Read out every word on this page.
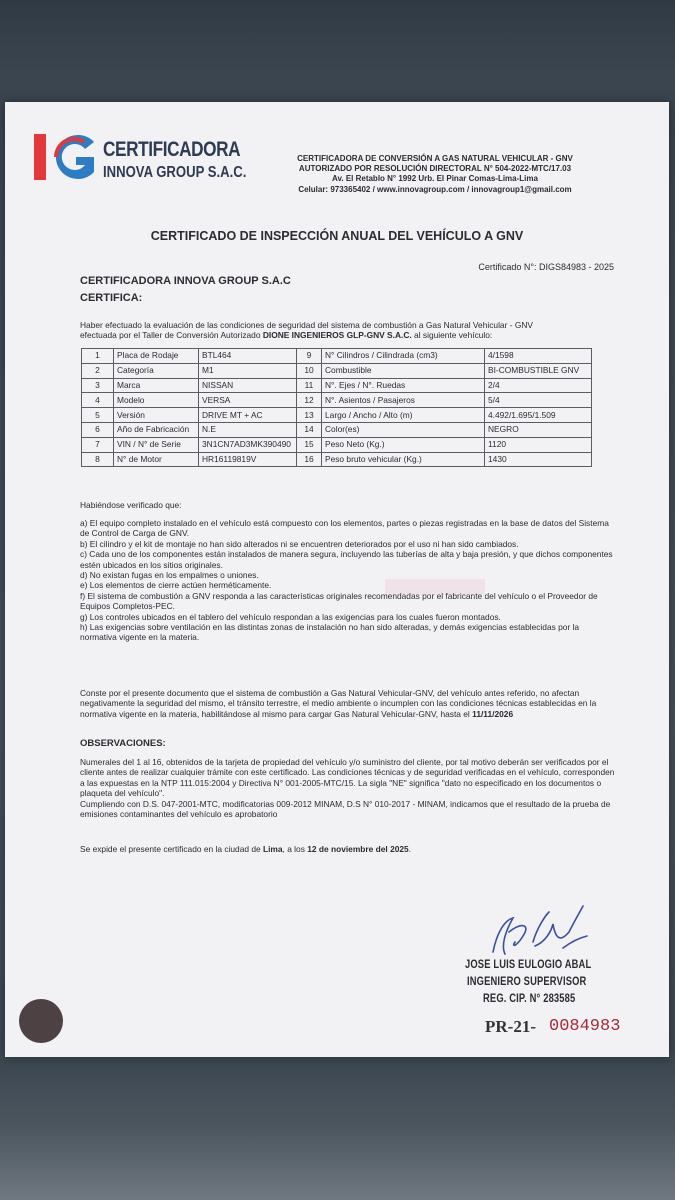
CERTIFICADORA
INNOVA GROUP S.A.C.
CERTIFICADORA DE CONVERSIÓN A GAS NATURAL VEHICULAR - GNV
AUTORIZADO POR RESOLUCIÓN DIRECTORAL N° 504-2022-MTC/17.03
Av. El Retablo N° 1992 Urb. El Pinar Comas-Lima-Lima
Celular: 973365402 / www.innovagroup.com / innovagroup1@gmail.com
CERTIFICADO DE INSPECCIÓN ANUAL DEL VEHÍCULO A GNV
Certificado N°: DIGS84983 - 2025
CERTIFICADORA INNOVA GROUP S.A.C
CERTIFICA:
Haber efectuado la evaluación de las condiciones de seguridad del sistema de combustión a Gas Natural Vehicular - GNV
efectuada por el Taller de Conversión Autorizado DIONE INGENIEROS GLP-GNV S.A.C. al siguiente vehículo:
1	Placa de Rodaje	BTL464	9	N° Cilindros / Cilindrada (cm3)	4/1598
2	Categoría	M1	10	Combustible	BI-COMBUSTIBLE GNV
3	Marca	NISSAN	11	N°. Ejes / N°. Ruedas	2/4
4	Modelo	VERSA	12	N°. Asientos / Pasajeros	5/4
5	Versión	DRIVE MT + AC	13	Largo / Ancho / Alto (m)	4.492/1.695/1.509
6	Año de Fabricación	N.E	14	Color(es)	NEGRO
7	VIN / N° de Serie	3N1CN7AD3MK390490	15	Peso Neto (Kg.)	1120
8	N° de Motor	HR16119819V	16	Peso bruto vehicular (Kg.)	1430
Habiéndose verificado que:
a) El equipo completo instalado en el vehículo está compuesto con los elementos, partes o piezas registradas en la base de datos del Sistema de Control de Carga de GNV.
b) El cilindro y el kit de montaje no han sido alterados ni se encuentren deteriorados por el uso ni han sido cambiados.
c) Cada uno de los componentes están instalados de manera segura, incluyendo las tuberías de alta y baja presión, y que dichos componentes estén ubicados en los sitios originales.
d) No existan fugas en los empalmes o uniones.
e) Los elementos de cierre actúen herméticamente.
f) El sistema de combustión a GNV responda a las características originales recomendadas por el fabricante del vehículo o el Proveedor de Equipos Completos-PEC.
g) Los controles ubicados en el tablero del vehículo respondan a las exigencias para los cuales fueron montados.
h) Las exigencias sobre ventilación en las distintas zonas de instalación no han sido alteradas, y demás exigencias establecidas por la normativa vigente en la materia.
Conste por el presente documento que el sistema de combustión a Gas Natural Vehicular-GNV, del vehículo antes referido, no afectan negativamente la seguridad del mismo, el tránsito terrestre, el medio ambiente o incumplen con las condiciones técnicas establecidas en la normativa vigente en la materia, habilitándose al mismo para cargar Gas Natural Vehicular-GNV, hasta el 11/11/2026
OBSERVACIONES:
Numerales del 1 al 16, obtenidos de la tarjeta de propiedad del vehículo y/o suministro del cliente, por tal motivo deberán ser verificados por el cliente antes de realizar cualquier trámite con este certificado. Las condiciones técnicas y de seguridad verificadas en el vehículo, corresponden a las expuestas en la NTP 111.015:2004 y Directiva N° 001-2005-MTC/15. La sigla "NE" significa "dato no especificado en los documentos o plaqueta del vehículo".
Cumpliendo con D.S. 047-2001-MTC, modificatorias 009-2012 MINAM, D.S N° 010-2017 - MINAM, indicamos que el resultado de la prueba de emisiones contaminantes del vehículo es aprobatorio
Se expide el presente certificado en la ciudad de Lima, a los 12 de noviembre del 2025.
JOSE LUIS EULOGIO ABAL
INGENIERO SUPERVISOR
REG. CIP. N° 283585
PR-21- 0084983
